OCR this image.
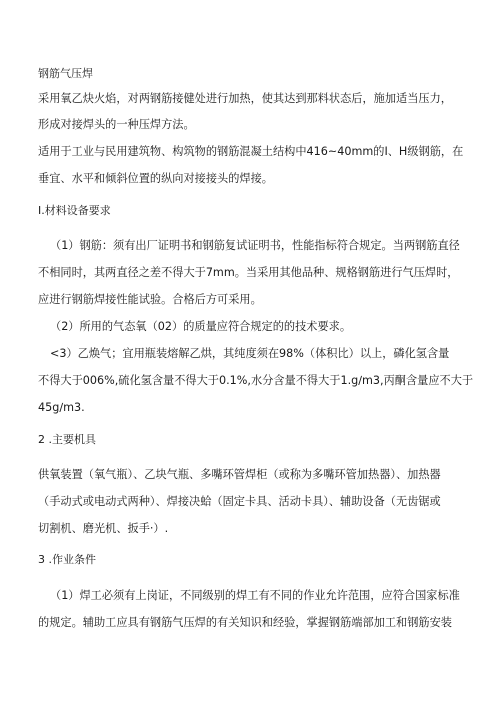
钢筋气压焊
采用氧乙炔火焰，对两钢筋接健处进行加热，使其达到那料状态后，施加适当压力，
形成对接焊头的一种压焊方法。
适用于工业与民用建筑物、构筑物的钢筋混凝土结构中416~40mm的I、H级钢筋，在
垂宜、水平和倾斜位置的纵向对接接头的焊接。
I.材料设备要求
（1）钢筋：须有出厂证明书和钢筋复试证明书，性能指标符合规定。当两钢筋直径
不相同时，其两直径之差不得大于7mm。当采用其他品种、规格钢筋进行气压焊时，
应进行钢筋焊接性能试验。合格后方可采用。
（2）所用的气态氧（02）的质量应符合规定的的技术要求。
<3）乙焕气；宜用瓶装熔解乙烘，其纯度须在98%（体积比）以上，磷化氢含量
不得大于006%,硫化氢含量不得大于0.1%,水分含量不得大于1.g∕m3,丙酮含量应不大于
45g∕m3.
2 .主要机具
供氧装置（氧气瓶）、乙块气瓶、多嘴环管焊柜（或称为多嘴环管加热器）、加热器
（手动式或电动式两种）、焊接决蛤（固定卡具、活动卡具）、辅助设备（无齿锯或
切割机、磨光机、扳手·）.
3 .作业条件
（1）焊工必须有上岗证，不同级别的焊工有不同的作业允许范围，应符合国家标准
的规定。辅助工应具有钢筋气压焊的有关知识和经验，掌握钢筋端部加工和钢筋安装
